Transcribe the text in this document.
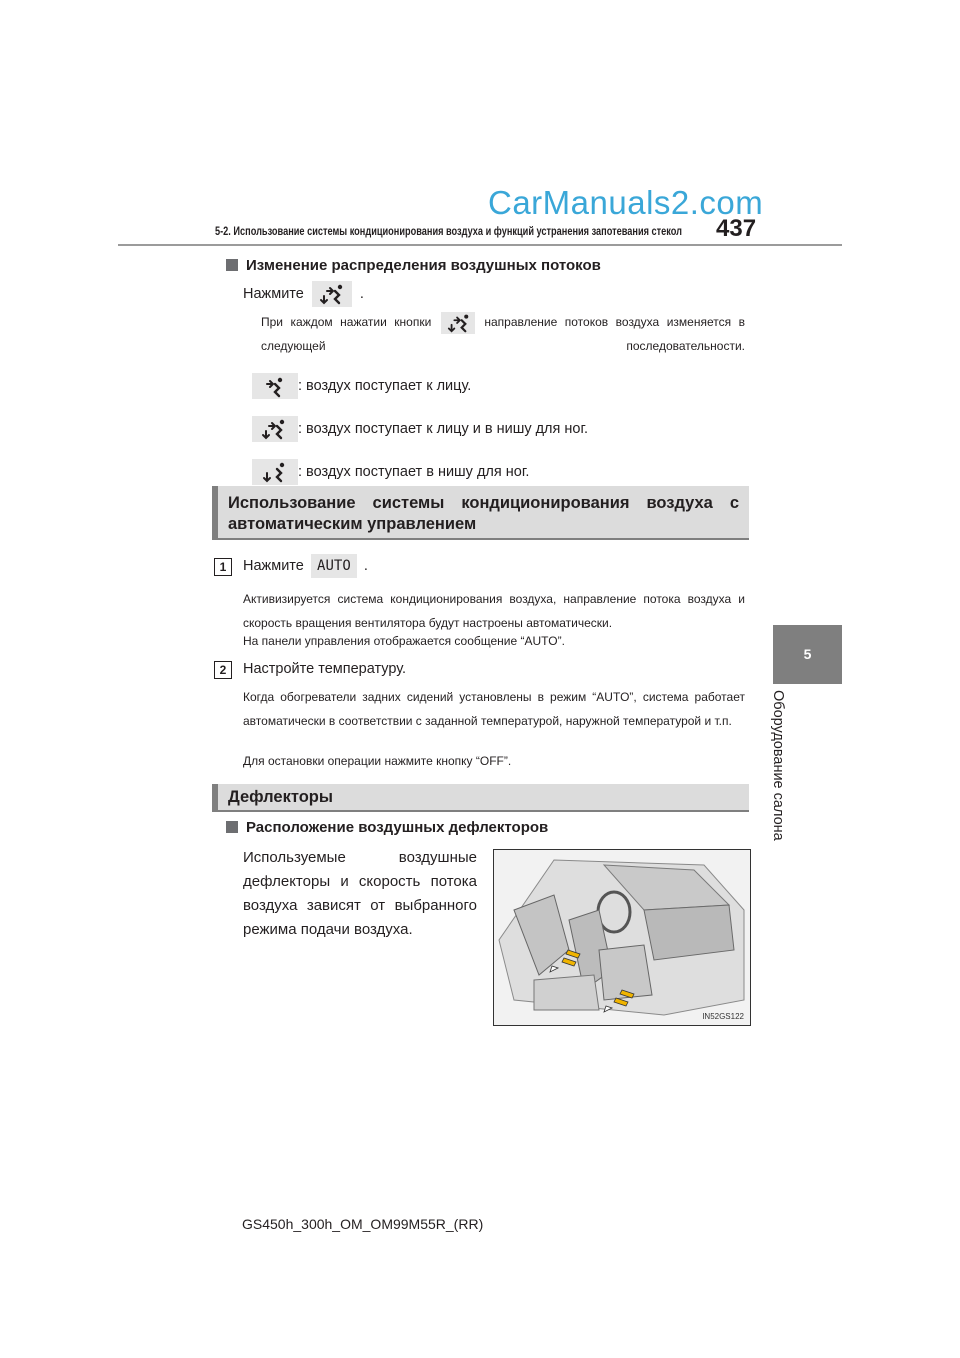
CarManuals2.com
5-2. Использование системы кондиционирования воздуха и функций устранения запотевания стекол 437
5
Оборудование салона
Изменение распределения воздушных потоков
Нажмите	.
При каждом нажатии кнопки	направление потоков воздуха изменяется в следующей последовательности.
: воздух поступает к лицу.
: воздух поступает к лицу и в нишу для ног.
: воздух поступает в нишу для ног.
Использование системы кондиционирования воздуха с
автоматическим управлением
1	Нажмите AUTO .
Активизируется система кондиционирования воздуха, направление потока воздуха и скорость вращения вентилятора будут настроены автоматически.
На панели управления отображается сообщение “AUTO”.
2	Настройте температуру.
Когда обогреватели задних сидений установлены в режим “AUTO”, система работает автоматически в соответствии с заданной температурой, наружной температурой и т.п.
Для остановки операции нажмите кнопку “OFF”.
Дефлекторы
Расположение воздушных дефлекторов
Используемые воздушные дефлекторы и скорость потока воздуха зависят от выбранного режима подачи воздуха.
IN52GS122
GS450h_300h_OM_OM99M55R_(RR)
